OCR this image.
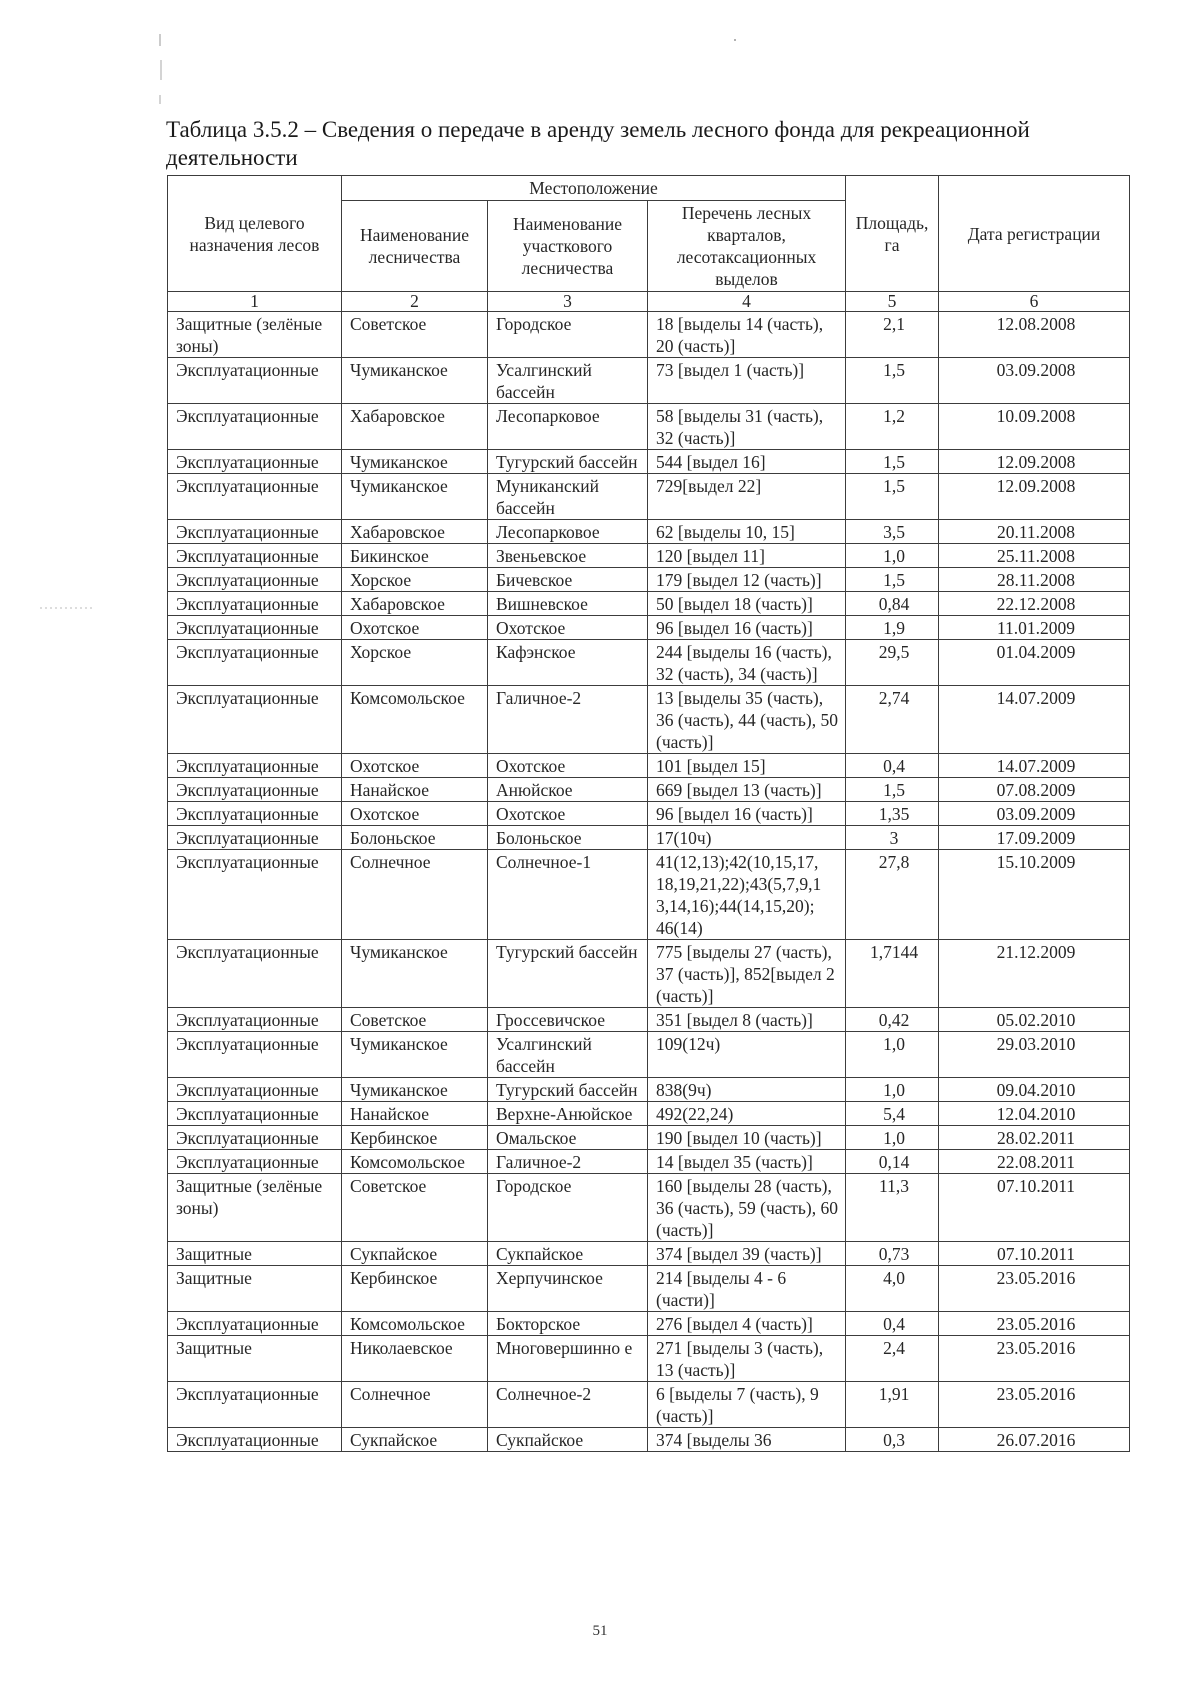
Таблица 3.5.2 – Сведения о передаче в аренду земель лесного фонда для рекреационной деятельности
Вид целевого назначения лесов	Местоположение			Площадь, га	Дата регистрации
	Наименование лесничества	Наименование участкового лесничества	Перечень лесных кварталов, лесотаксационных выделов		
1	2	3	4	5	6
Защитные (зелёные зоны)	Советское	Городское	18 [выделы 14 (часть), 20 (часть)]	2,1	12.08.2008
Эксплуатационные	Чумиканское	Усалгинский бассейн	73 [выдел 1 (часть)]	1,5	03.09.2008
Эксплуатационные	Хабаровское	Лесопарковое	58 [выделы 31 (часть), 32 (часть)]	1,2	10.09.2008
Эксплуатационные	Чумиканское	Тугурский бассейн	544 [выдел 16]	1,5	12.09.2008
Эксплуатационные	Чумиканское	Муниканский бассейн	729[выдел 22]	1,5	12.09.2008
Эксплуатационные	Хабаровское	Лесопарковое	62 [выделы 10, 15]	3,5	20.11.2008
Эксплуатационные	Бикинское	Звеньевское	120 [выдел 11]	1,0	25.11.2008
Эксплуатационные	Хорское	Бичевское	179 [выдел 12 (часть)]	1,5	28.11.2008
Эксплуатационные	Хабаровское	Вишневское	50 [выдел 18 (часть)]	0,84	22.12.2008
Эксплуатационные	Охотское	Охотское	96 [выдел 16 (часть)]	1,9	11.01.2009
Эксплуатационные	Хорское	Кафэнское	244 [выделы 16 (часть), 32 (часть), 34 (часть)]	29,5	01.04.2009
Эксплуатационные	Комсомольское	Галичное-2	13 [выделы 35 (часть), 36 (часть), 44 (часть), 50 (часть)]	2,74	14.07.2009
Эксплуатационные	Охотское	Охотское	101 [выдел 15]	0,4	14.07.2009
Эксплуатационные	Нанайское	Анюйское	669 [выдел 13 (часть)]	1,5	07.08.2009
Эксплуатационные	Охотское	Охотское	96 [выдел 16 (часть)]	1,35	03.09.2009
Эксплуатационные	Болоньское	Болоньское	17(10ч)	3	17.09.2009
Эксплуатационные	Солнечное	Солнечное-1	41(12,13);42(10,15,17, 18,19,21,22);43(5,7,9,1 3,14,16);44(14,15,20); 46(14)	27,8	15.10.2009
Эксплуатационные	Чумиканское	Тугурский бассейн	775 [выделы 27 (часть), 37 (часть)], 852[выдел 2 (часть)]	1,7144	21.12.2009
Эксплуатационные	Советское	Гроссевичское	351 [выдел 8 (часть)]	0,42	05.02.2010
Эксплуатационные	Чумиканское	Усалгинский бассейн	109(12ч)	1,0	29.03.2010
Эксплуатационные	Чумиканское	Тугурский бассейн	838(9ч)	1,0	09.04.2010
Эксплуатационные	Нанайское	Верхне-Анюйское	492(22,24)	5,4	12.04.2010
Эксплуатационные	Кербинское	Омальское	190 [выдел 10 (часть)]	1,0	28.02.2011
Эксплуатационные	Комсомольское	Галичное-2	14 [выдел 35 (часть)]	0,14	22.08.2011
Защитные (зелёные зоны)	Советское	Городское	160 [выделы 28 (часть), 36 (часть), 59 (часть), 60 (часть)]	11,3	07.10.2011
Защитные	Сукпайское	Сукпайское	374 [выдел 39 (часть)]	0,73	07.10.2011
Защитные	Кербинское	Херпучинское	214 [выделы 4 - 6 (части)]	4,0	23.05.2016
Эксплуатационные	Комсомольское	Бокторское	276 [выдел 4 (часть)]	0,4	23.05.2016
Защитные	Николаевское	Многовершинно е	271 [выделы 3 (часть), 13 (часть)]	2,4	23.05.2016
Эксплуатационные	Солнечное	Солнечное-2	6 [выделы 7 (часть), 9 (часть)]	1,91	23.05.2016
Эксплуатационные	Сукпайское	Сукпайское	374 [выделы 36	0,3	26.07.2016
51
